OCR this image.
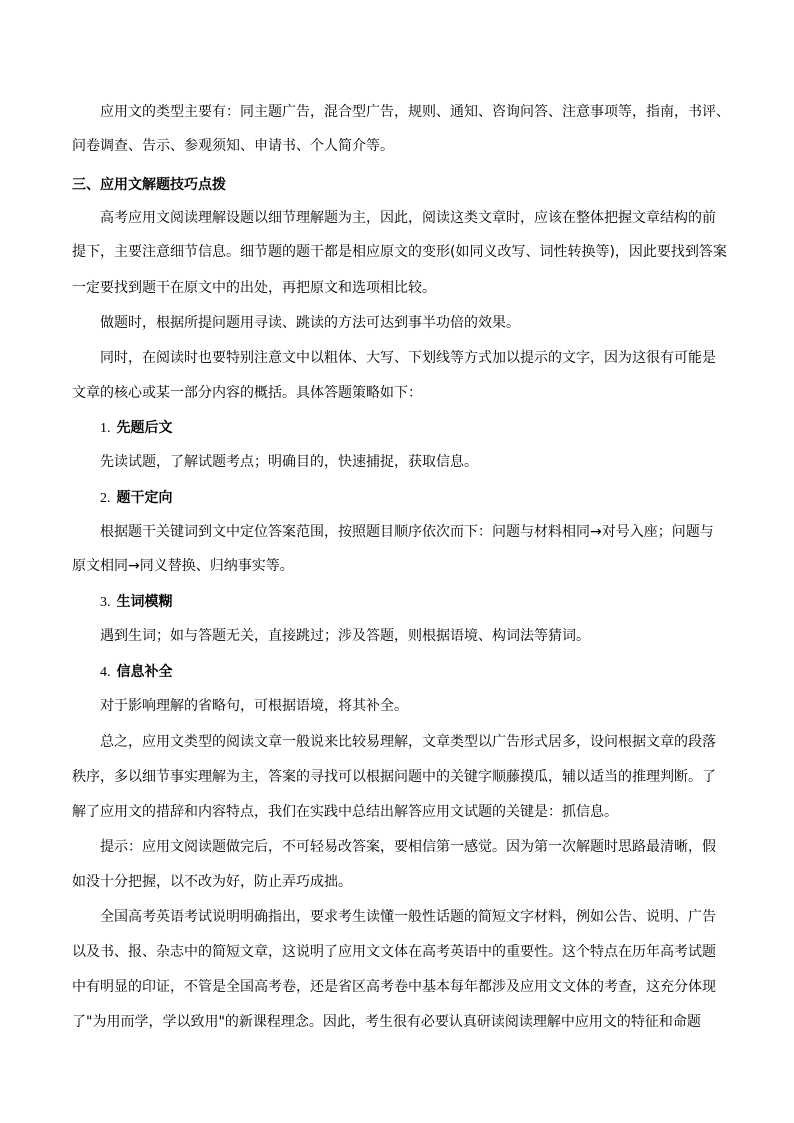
应用文的类型主要有：同主题广告，混合型广告，规则、通知、咨询问答、注意事项等，指南，书评、
问卷调查、告示、参观须知、申请书、个人简介等。
三、应用文解题技巧点拨
高考应用文阅读理解设题以细节理解题为主，因此，阅读这类文章时，应该在整体把握文章结构的前
提下，主要注意细节信息。细节题的题干都是相应原文的变形(如同义改写、词性转换等)，因此要找到答案
一定要找到题干在原文中的出处，再把原文和选项相比较。
做题时，根据所提问题用寻读、跳读的方法可达到事半功倍的效果。
同时，在阅读时也要特别注意文中以粗体、大写、下划线等方式加以提示的文字，因为这很有可能是
文章的核心或某一部分内容的概括。具体答题策略如下：
1. 先题后文
先读试题，了解试题考点；明确目的，快速捕捉，获取信息。
2. 题干定向
根据题干关键词到文中定位答案范围，按照题目顺序依次而下：问题与材料相同→对号入座；问题与
原文相同→同义替换、归纳事实等。
3. 生词模糊
遇到生词；如与答题无关，直接跳过；涉及答题，则根据语境、构词法等猜词。
4. 信息补全
对于影响理解的省略句，可根据语境，将其补全。
总之，应用文类型的阅读文章一般说来比较易理解，文章类型以广告形式居多，设问根据文章的段落
秩序，多以细节事实理解为主，答案的寻找可以根据问题中的关键字顺藤摸瓜，辅以适当的推理判断。了
解了应用文的措辞和内容特点，我们在实践中总结出解答应用文试题的关键是：抓信息。
提示：应用文阅读题做完后，不可轻易改答案，要相信第一感觉。因为第一次解题时思路最清晰，假
如没十分把握，以不改为好，防止弄巧成拙。
全国高考英语考试说明明确指出，要求考生读懂一般性话题的简短文字材料，例如公告、说明、广告
以及书、报、杂志中的简短文章，这说明了应用文文体在高考英语中的重要性。这个特点在历年高考试题
中有明显的印证，不管是全国高考卷，还是省区高考卷中基本每年都涉及应用文文体的考查，这充分体现
了"为用而学，学以致用"的新课程理念。因此，考生很有必要认真研读阅读理解中应用文的特征和命题
